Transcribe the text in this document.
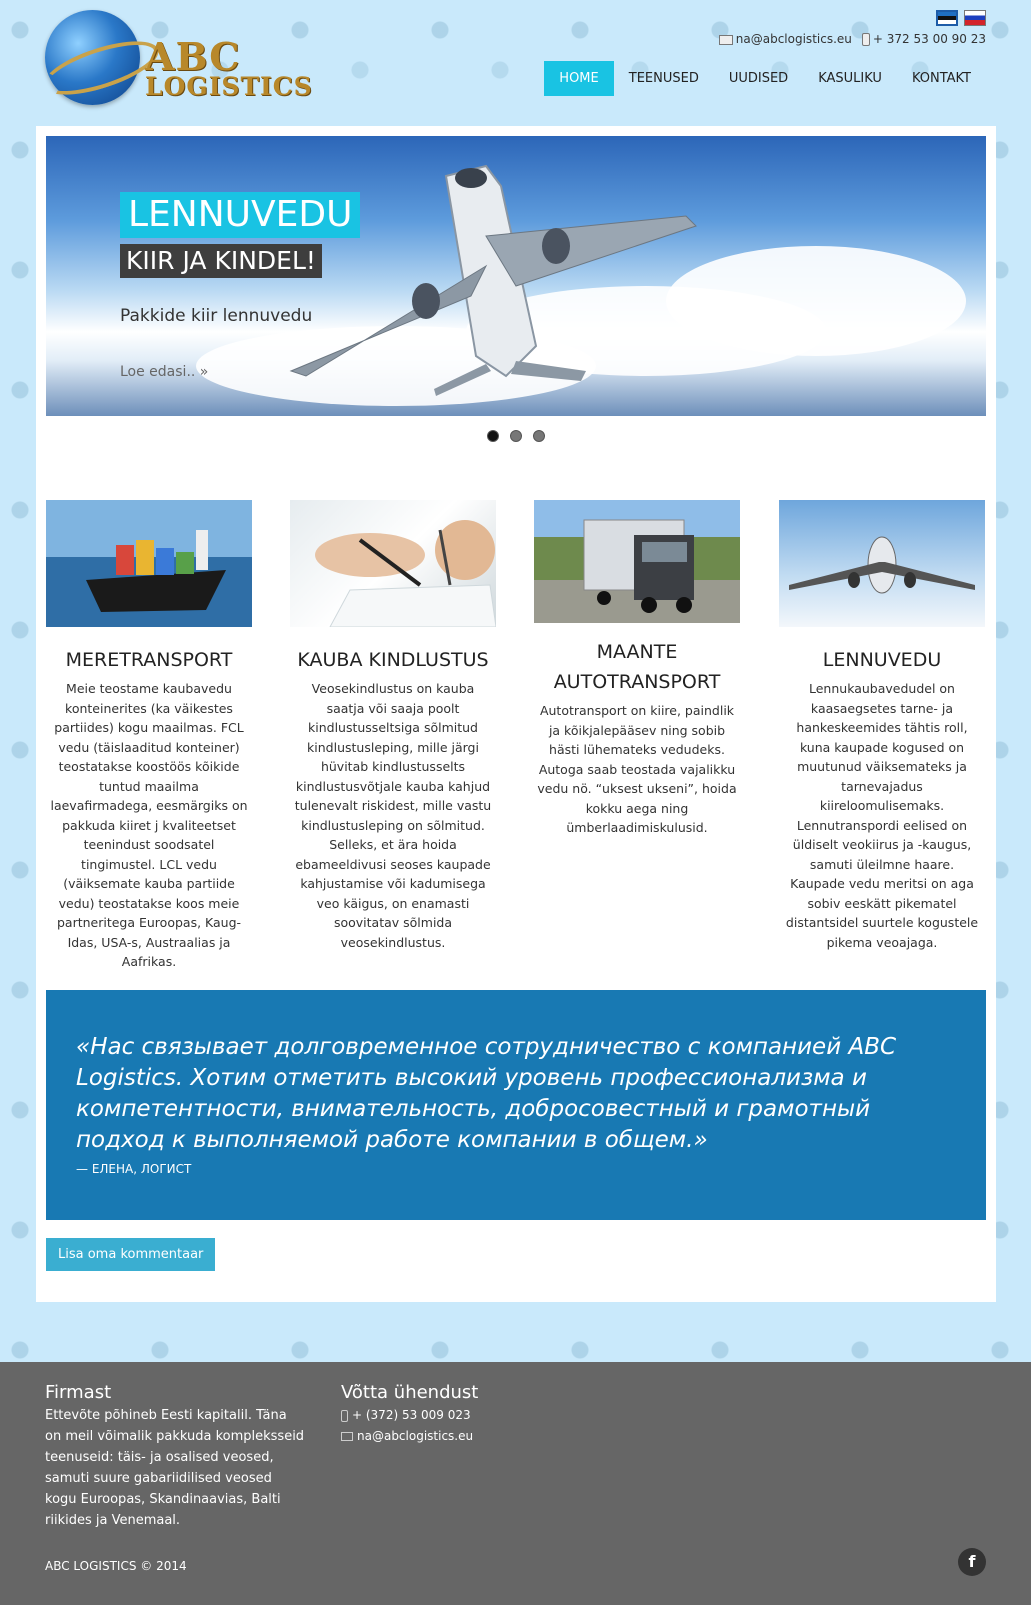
ABC
LOGISTICS
na@abclogistics.eu	+ 372 53 00 90 23
HOME	TEENUSED	UUDISED	KASULIKU	KONTAKT
LENNUVEDU
KIIR JA KINDEL!
Pakkide kiir lennuvedu
Loe edasi.. »
MERETRANSPORT
Meie teostame kaubavedu konteinerites (ka väikestes partiides) kogu maailmas. FCL vedu (täislaaditud konteiner) teostatakse koostöös kõikide tuntud maailma laevafirmadega, eesmärgiks on pakkuda kiiret j kvaliteetset teenindust soodsatel tingimustel. LCL vedu (väiksemate kauba partiide vedu) teostatakse koos meie partneritega Euroopas, Kaug-Idas, USA-s, Austraalias ja Aafrikas.
KAUBA KINDLUSTUS
Veosekindlustus on kauba saatja või saaja poolt kindlustusseltsiga sõlmitud kindlustusleping, mille järgi hüvitab kindlustusselts kindlustusvõtjale kauba kahjud tulenevalt riskidest, mille vastu kindlustusleping on sõlmitud. Selleks, et ära hoida ebameeldivusi seoses kaupade kahjustamise või kadumisega veo käigus, on enamasti soovitatav sõlmida veosekindlustus.
MAANTE AUTOTRANSPORT
Autotransport on kiire, paindlik ja kõikjalepääsev ning sobib hästi lühemateks vedudeks. Autoga saab teostada vajalikku vedu nö. “uksest ukseni”, hoida kokku aega ning ümberlaadimiskulusid.
LENNUVEDU
Lennukaubavedudel on kaasaegsetes tarne- ja hankeskeemides tähtis roll, kuna kaupade kogused on muutunud väiksemateks ja tarnevajadus kiireloomulisemaks. Lennutranspordi eelised on üldiselt veokiirus ja -kaugus, samuti üleilmne haare. Kaupade vedu meritsi on aga sobiv eeskätt pikematel distantsidel suurtele kogustele pikema veoajaga.
«Нас связывает долговременное сотрудничество с компанией ABC Logistics. Хотим отметить высокий уровень профессионализма и компетентности, внимательность, добросовестный и грамотный подход к выполняемой работе компании в общем.»
— ЕЛЕНА, ЛОГИСТ
Lisa oma kommentaar
Firmast
Ettevõte põhineb Eesti kapitalil. Täna on meil võimalik pakkuda kompleksseid teenuseid: täis- ja osalised veosed, samuti suure gabariidilised veosed kogu Euroopas, Skandinaavias, Balti riikides ja Venemaal.
Võtta ühendust
+ (372) 53 009 023
na@abclogistics.eu
ABC LOGISTICS © 2014	f
